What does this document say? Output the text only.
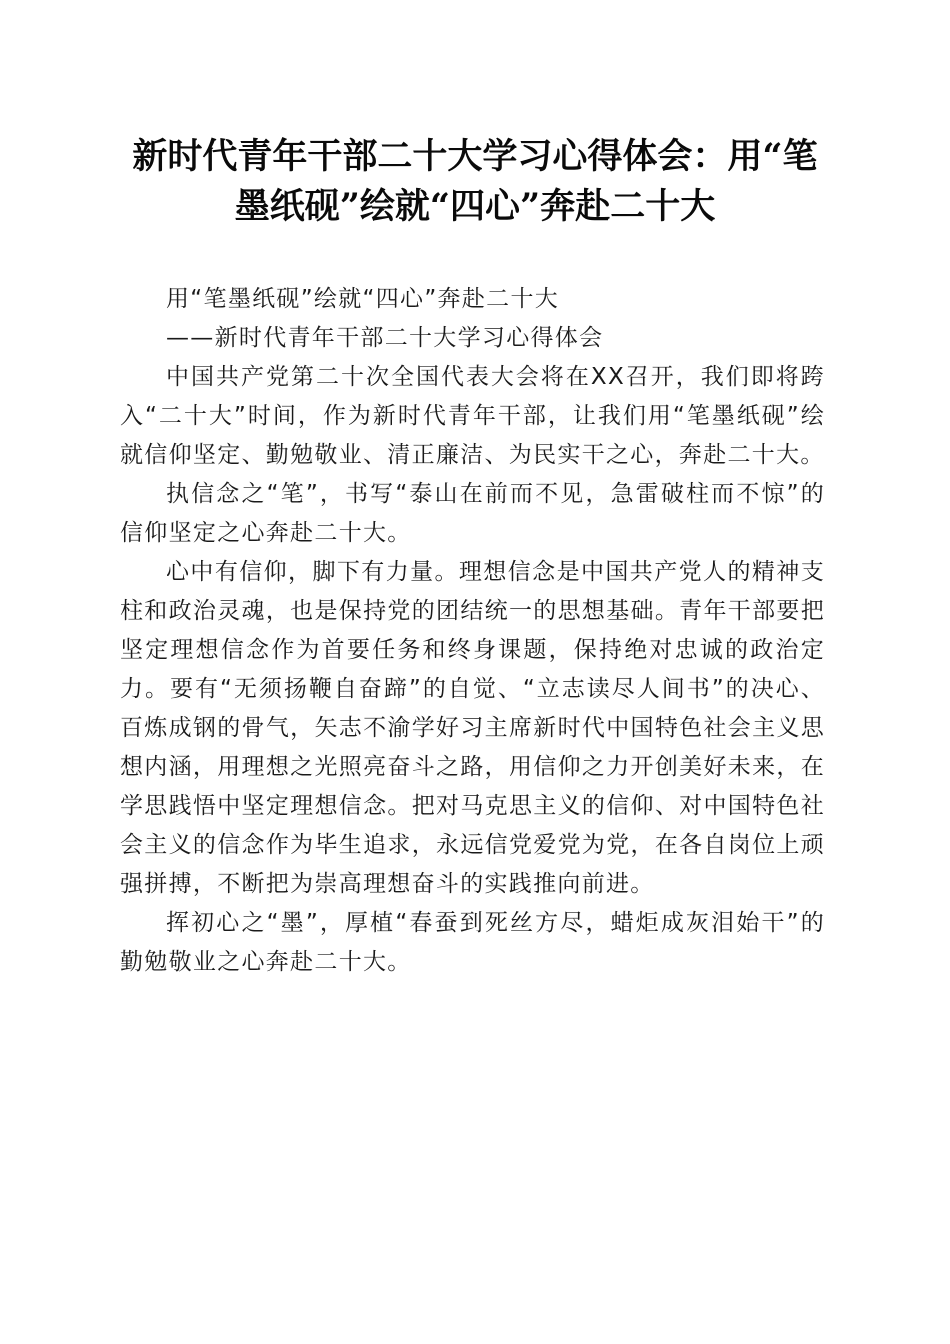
新时代青年干部二十大学习心得体会：用“笔
墨纸砚”绘就“四心”奔赴二十大

用“笔墨纸砚”绘就“四心”奔赴二十大

——新时代青年干部二十大学习心得体会

中国共产党第二十次全国代表大会将在XX召开，我们即将跨入“二十大”时间，作为新时代青年干部，让我们用“笔墨纸砚”绘就信仰坚定、勤勉敬业、清正廉洁、为民实干之心，奔赴二十大。

执信念之“笔”，书写“泰山在前而不见，急雷破柱而不惊”的信仰坚定之心奔赴二十大。

心中有信仰，脚下有力量。理想信念是中国共产党人的精神支柱和政治灵魂，也是保持党的团结统一的思想基础。青年干部要把坚定理想信念作为首要任务和终身课题，保持绝对忠诚的政治定力。要有“无须扬鞭自奋蹄”的自觉、“立志读尽人间书”的决心、百炼成钢的骨气，矢志不渝学好习主席新时代中国特色社会主义思想内涵，用理想之光照亮奋斗之路，用信仰之力开创美好未来，在学思践悟中坚定理想信念。把对马克思主义的信仰、对中国特色社会主义的信念作为毕生追求，永远信党爱党为党，在各自岗位上顽强拼搏，不断把为崇高理想奋斗的实践推向前进。

挥初心之“墨”，厚植“春蚕到死丝方尽，蜡炬成灰泪始干”的勤勉敬业之心奔赴二十大。
